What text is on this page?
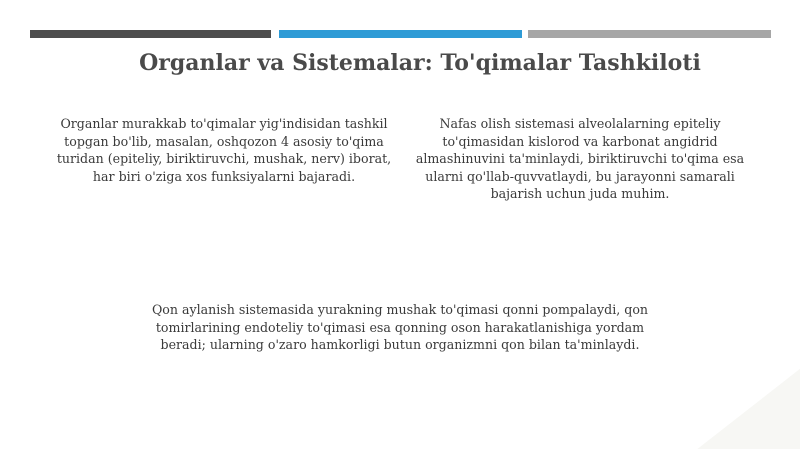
Organlar va Sistemalar: To'qimalar Tashkiloti
Organlar murakkab to'qimalar yig'indisidan tashkil topgan bo'lib, masalan, oshqozon 4 asosiy to'qima turidan (epiteliy, biriktiruvchi, mushak, nerv) iborat, har biri o'ziga xos funksiyalarni bajaradi.
Nafas olish sistemasi alveolalarning epiteliy to'qimasidan kislorod va karbonat angidrid almashinuvini ta'minlaydi, biriktiruvchi to'qima esa ularni qo'llab-quvvatlaydi, bu jarayonni samarali bajarish uchun juda muhim.
Qon aylanish sistemasida yurakning mushak to'qimasi qonni pompalaydi, qon tomirlarining endoteliy to'qimasi esa qonning oson harakatlanishiga yordam beradi; ularning o'zaro hamkorligi butun organizmni qon bilan ta'minlaydi.
